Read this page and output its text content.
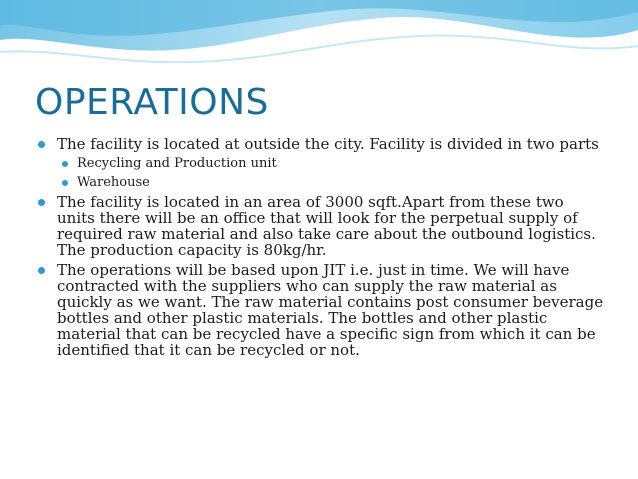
OPERATIONS
The facility is located at outside the city. Facility is divided in two parts
Recycling and Production unit
Warehouse
The facility is located in an area of 3000 sqft.Apart from these two units there will be an office that will look for the perpetual supply of required raw material and also take care about the outbound logistics. The production capacity is 80kg/hr.
The operations will be based upon JIT i.e. just in time. We will have contracted with the suppliers who can supply the raw material as quickly as we want. The raw material contains post consumer beverage bottles and other plastic materials. The bottles and other plastic material that can be recycled have a specific sign from which it can be identified that it can be recycled or not.
